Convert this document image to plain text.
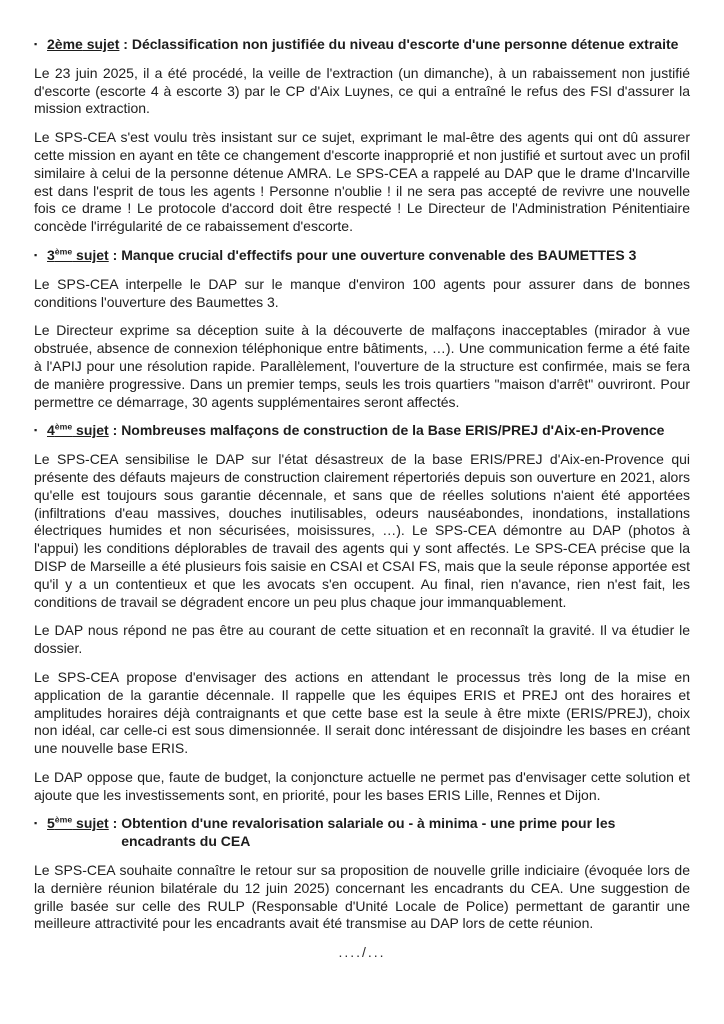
▪
2ème sujet : Déclassification non justifiée du niveau d'escorte d'une personne détenue extraite

Le 23 juin 2025, il a été procédé, la veille de l'extraction (un dimanche), à un rabaissement non justifié d'escorte (escorte 4 à escorte 3) par le CP d'Aix Luynes, ce qui a entraîné le refus des FSI d'assurer la mission extraction.

Le SPS-CEA s'est voulu très insistant sur ce sujet, exprimant le mal-être des agents qui ont dû assurer cette mission en ayant en tête ce changement d'escorte inapproprié et non justifié et surtout avec un profil similaire à celui de la personne détenue AMRA. Le SPS-CEA a rappelé au DAP que le drame d'Incarville est dans l'esprit de tous les agents ! Personne n'oublie ! il ne sera pas accepté de revivre une nouvelle fois ce drame ! Le protocole d'accord doit être respecté ! Le Directeur de l'Administration Pénitentiaire concède l'irrégularité de ce rabaissement d'escorte.

▪
3ème sujet : Manque crucial d'effectifs pour une ouverture convenable des BAUMETTES 3

Le SPS-CEA interpelle le DAP sur le manque d'environ 100 agents pour assurer dans de bonnes conditions l'ouverture des Baumettes 3.

Le Directeur exprime sa déception suite à la découverte de malfaçons inacceptables (mirador à vue obstruée, absence de connexion téléphonique entre bâtiments, …). Une communication ferme a été faite à l'APIJ pour une résolution rapide. Parallèlement, l'ouverture de la structure est confirmée, mais se fera de manière progressive. Dans un premier temps, seuls les trois quartiers "maison d'arrêt" ouvriront. Pour permettre ce démarrage, 30 agents supplémentaires seront affectés.

▪
4ème sujet : Nombreuses malfaçons de construction de la Base ERIS/PREJ d'Aix-en-Provence

Le SPS-CEA sensibilise le DAP sur l'état désastreux de la base ERIS/PREJ d'Aix-en-Provence qui présente des défauts majeurs de construction clairement répertoriés depuis son ouverture en 2021, alors qu'elle est toujours sous garantie décennale, et sans que de réelles solutions n'aient été apportées (infiltrations d'eau massives, douches inutilisables, odeurs nauséabondes, inondations, installations électriques humides et non sécurisées, moisissures, …). Le SPS-CEA démontre au DAP (photos à l'appui) les conditions déplorables de travail des agents qui y sont affectés. Le SPS-CEA précise que la DISP de Marseille a été plusieurs fois saisie en CSAI et CSAI FS, mais que la seule réponse apportée est qu'il y a un contentieux et que les avocats s'en occupent. Au final, rien n'avance, rien n'est fait, les conditions de travail se dégradent encore un peu plus chaque jour immanquablement.

Le DAP nous répond ne pas être au courant de cette situation et en reconnaît la gravité. Il va étudier le dossier.

Le SPS-CEA propose d'envisager des actions en attendant le processus très long de la mise en application de la garantie décennale. Il rappelle que les équipes ERIS et PREJ ont des horaires et amplitudes horaires déjà contraignants et que cette base est la seule à être mixte (ERIS/PREJ), choix non idéal, car celle-ci est sous dimensionnée. Il serait donc intéressant de disjoindre les bases en créant une nouvelle base ERIS.

Le DAP oppose que, faute de budget, la conjoncture actuelle ne permet pas d'envisager cette solution et ajoute que les investissements sont, en priorité, pour les bases ERIS Lille, Rennes et Dijon.

▪
5ème sujet : Obtention d'une revalorisation salariale ou - à minima - une prime pour les encadrants du CEA

Le SPS-CEA souhaite connaître le retour sur sa proposition de nouvelle grille indiciaire (évoquée lors de la dernière réunion bilatérale du 12 juin 2025) concernant les encadrants du CEA. Une suggestion de grille basée sur celle des RULP (Responsable d'Unité Locale de Police) permettant de garantir une meilleure attractivité pour les encadrants avait été transmise au DAP lors de cette réunion.

..../...
